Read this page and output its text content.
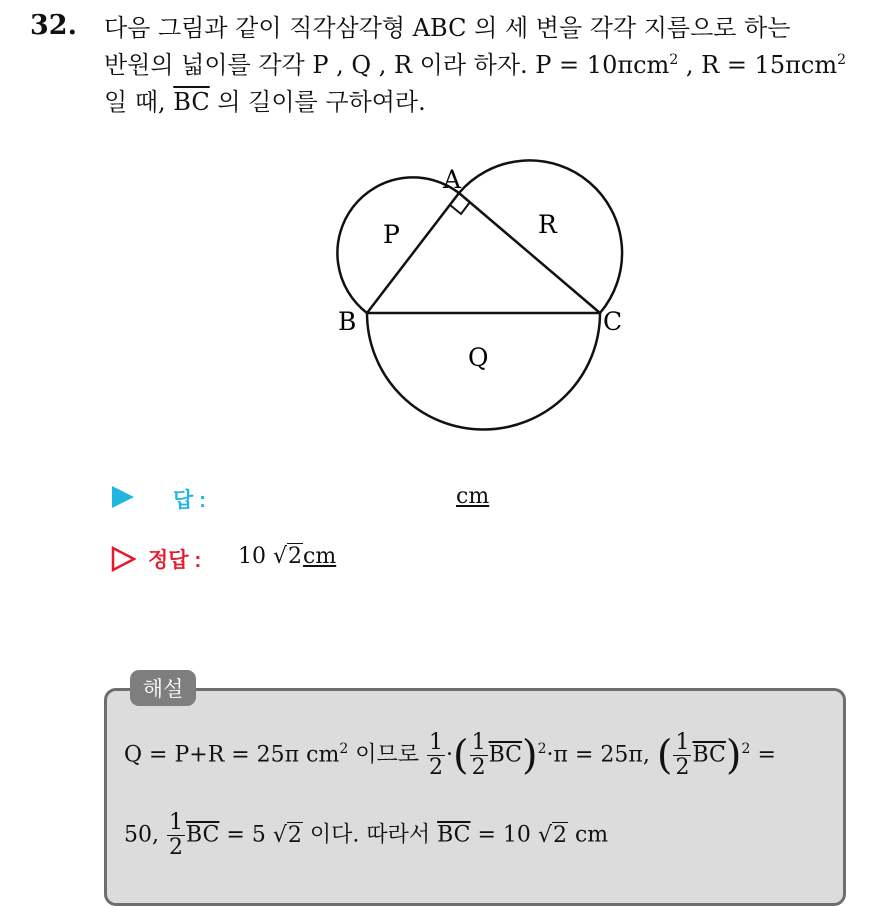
32. 다음 그림과 같이 직각삼각형 ABC 의 세 변을 각각 지름으로 하는
반원의 넓이를 각각 P , Q , R 이라 하자. P = 10πcm$^2$ , R = 15πcm$^2$
일 때, $\overline{BC}$ 의 길이를 구하여라.
A
B	C
P	R
Q
답 :	cm
정답 : 10 √2cm
해설
Q = P+R = 25π $cm^2$ 이므로 $\frac{1}{2}$ ·( $\frac{1}{2} \overline{BC})^2\cdot\pi = 25\pi$, ( $\frac{1}{2} \overline{BC})^2$ =
50, $\frac{1}{2} \overline{BC} = 5$ √2 이다. 따라서 $\overline{BC} = 10$ √2 cm
